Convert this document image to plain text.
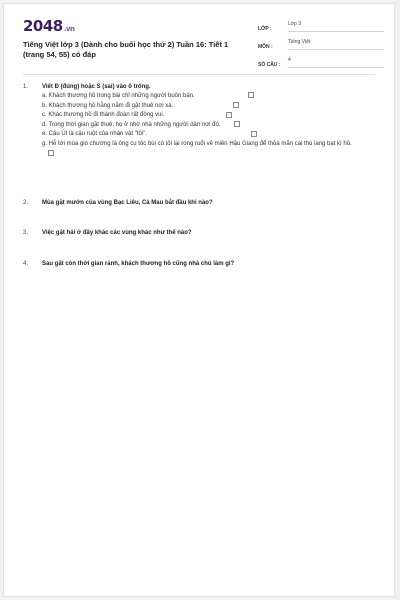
2048.vn
Tiếng Việt lớp 3 (Dành cho buổi học thứ 2) Tuần 16: Tiết 1 (trang 54, 55) có đáp
LỚP :
Lớp 3
MÔN :
Tiếng Việt
SỐ CÂU :
4
1.	Viết Đ (đúng) hoặc S (sai) vào ô trống.
a. Khách thương hồ trong bài chỉ những người buôn bán.
b. Khách thương hồ hằng năm đi gặt thuê nơi xa.
c. Khác thương hồ đi thành đoàn rất đông vui.
d. Trong thời gian gặt thuê, họ ở nhờ nhà những người dân nơi đó.
e. Cậu Út là cậu ruột của nhân vật "tôi".
g. Hễ tới mùa gió chướng là ông cụ tóc bùi củ tôi lại rong ruổi về miền Hậu Giang để thỏa mãn cái thú lang bạt kì hồ.
2.	Mùa gặt mướn của vùng Bạc Liêu, Cà Mau bắt đầu khi nào?
3.	Việc gặt hái ở đây khác các vùng khác như thế nào?
4.	Sau gặt còn thời gian rảnh, khách thương hồ cũng nhà chủ làm gì?
